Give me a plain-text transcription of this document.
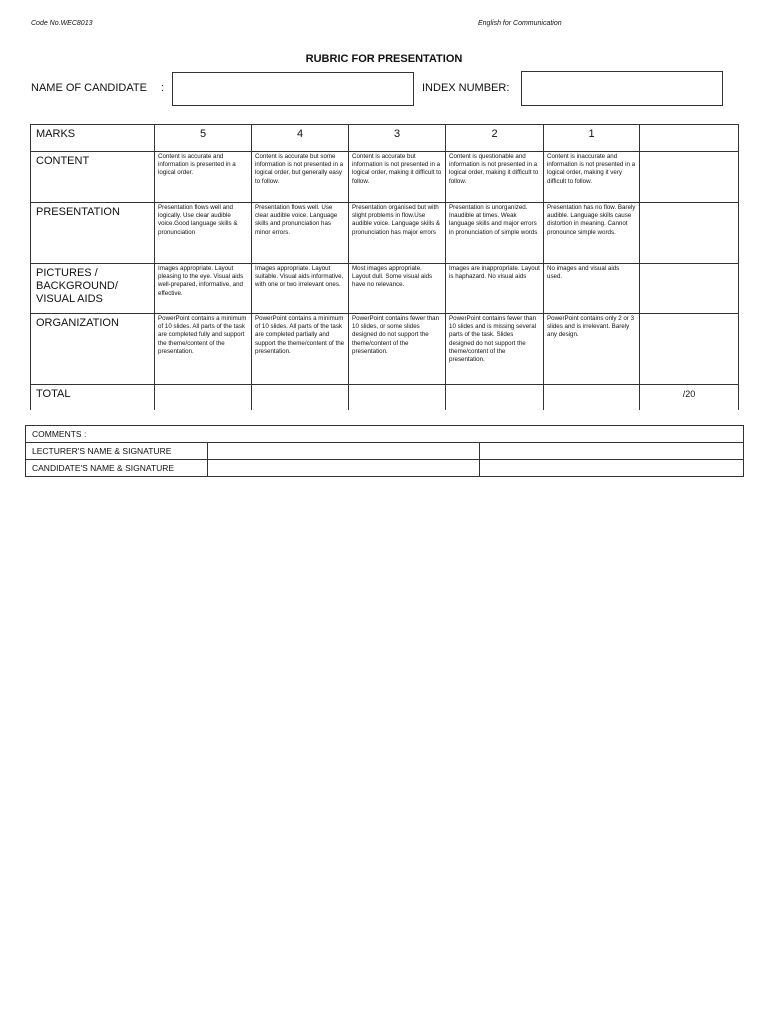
Code No.WEC8013	English for Communication
RUBRIC FOR PRESENTATION
NAME OF CANDIDATE :	INDEX NUMBER:
MARKS	5	4	3	2	1	
CONTENT	Content is accurate and information is presented in a logical order.	Content is accurate but some information is not presented in a logical order, but generally easy to follow.	Content is accurate but information is not presented in a logical order, making it difficult to follow.	Content is questionable and information is not presented in a logical order, making it difficult to follow.	Content is inaccurate and information is not presented in a logical order, making it very difficult to follow.	
PRESENTATION	Presentation flows well and logically. Use clear audible voice.Good language skills & pronunciation	Presentation flows well. Use clear audible voice. Language skills and pronunciation has minor errors.	Presentation organised but with slight problems in flow.Use audible voice. Language skills & pronunciation has major errors	Presentation is unorganized. Inaudible at times. Weak language skills and major errors in pronunciation of simple words	Presentation has no flow. Barely audible. Language skills cause distortion in meaning. Cannot pronounce simple words.	
PICTURES / BACKGROUND/ VISUAL AIDS	Images appropriate. Layout pleasing to the eye. Visual aids well-prepared, informative, and effective.	Images appropriate. Layout suitable. Visual aids informative, with one or two irrelevant ones.	Most images appropriate. Layout dull. Some visual aids have no relevance.	Images are inappropriate. Layout is haphazard. No visual aids	No images and visual aids used.	
ORGANIZATION	PowerPoint contains a minimum of 10 slides. All parts of the task are completed fully and support the theme/content of the presentation.	PowerPoint contains a minimum of 10 slides. All parts of the task are completed partially and support the theme/content of the presentation.	PowerPoint contains fewer than 10 slides, or some slides designed do not support the theme/content of the presentation.	PowerPoint contains fewer than 10 slides and is missing several parts of the task. Slides designed do not support the theme/content of the presentation.	PowerPoint contains only 2 or 3 slides and is irrelevant. Barely any design.	
TOTAL						/20
COMMENTS :		
LECTURER'S NAME & SIGNATURE		
CANDIDATE'S NAME & SIGNATURE		
